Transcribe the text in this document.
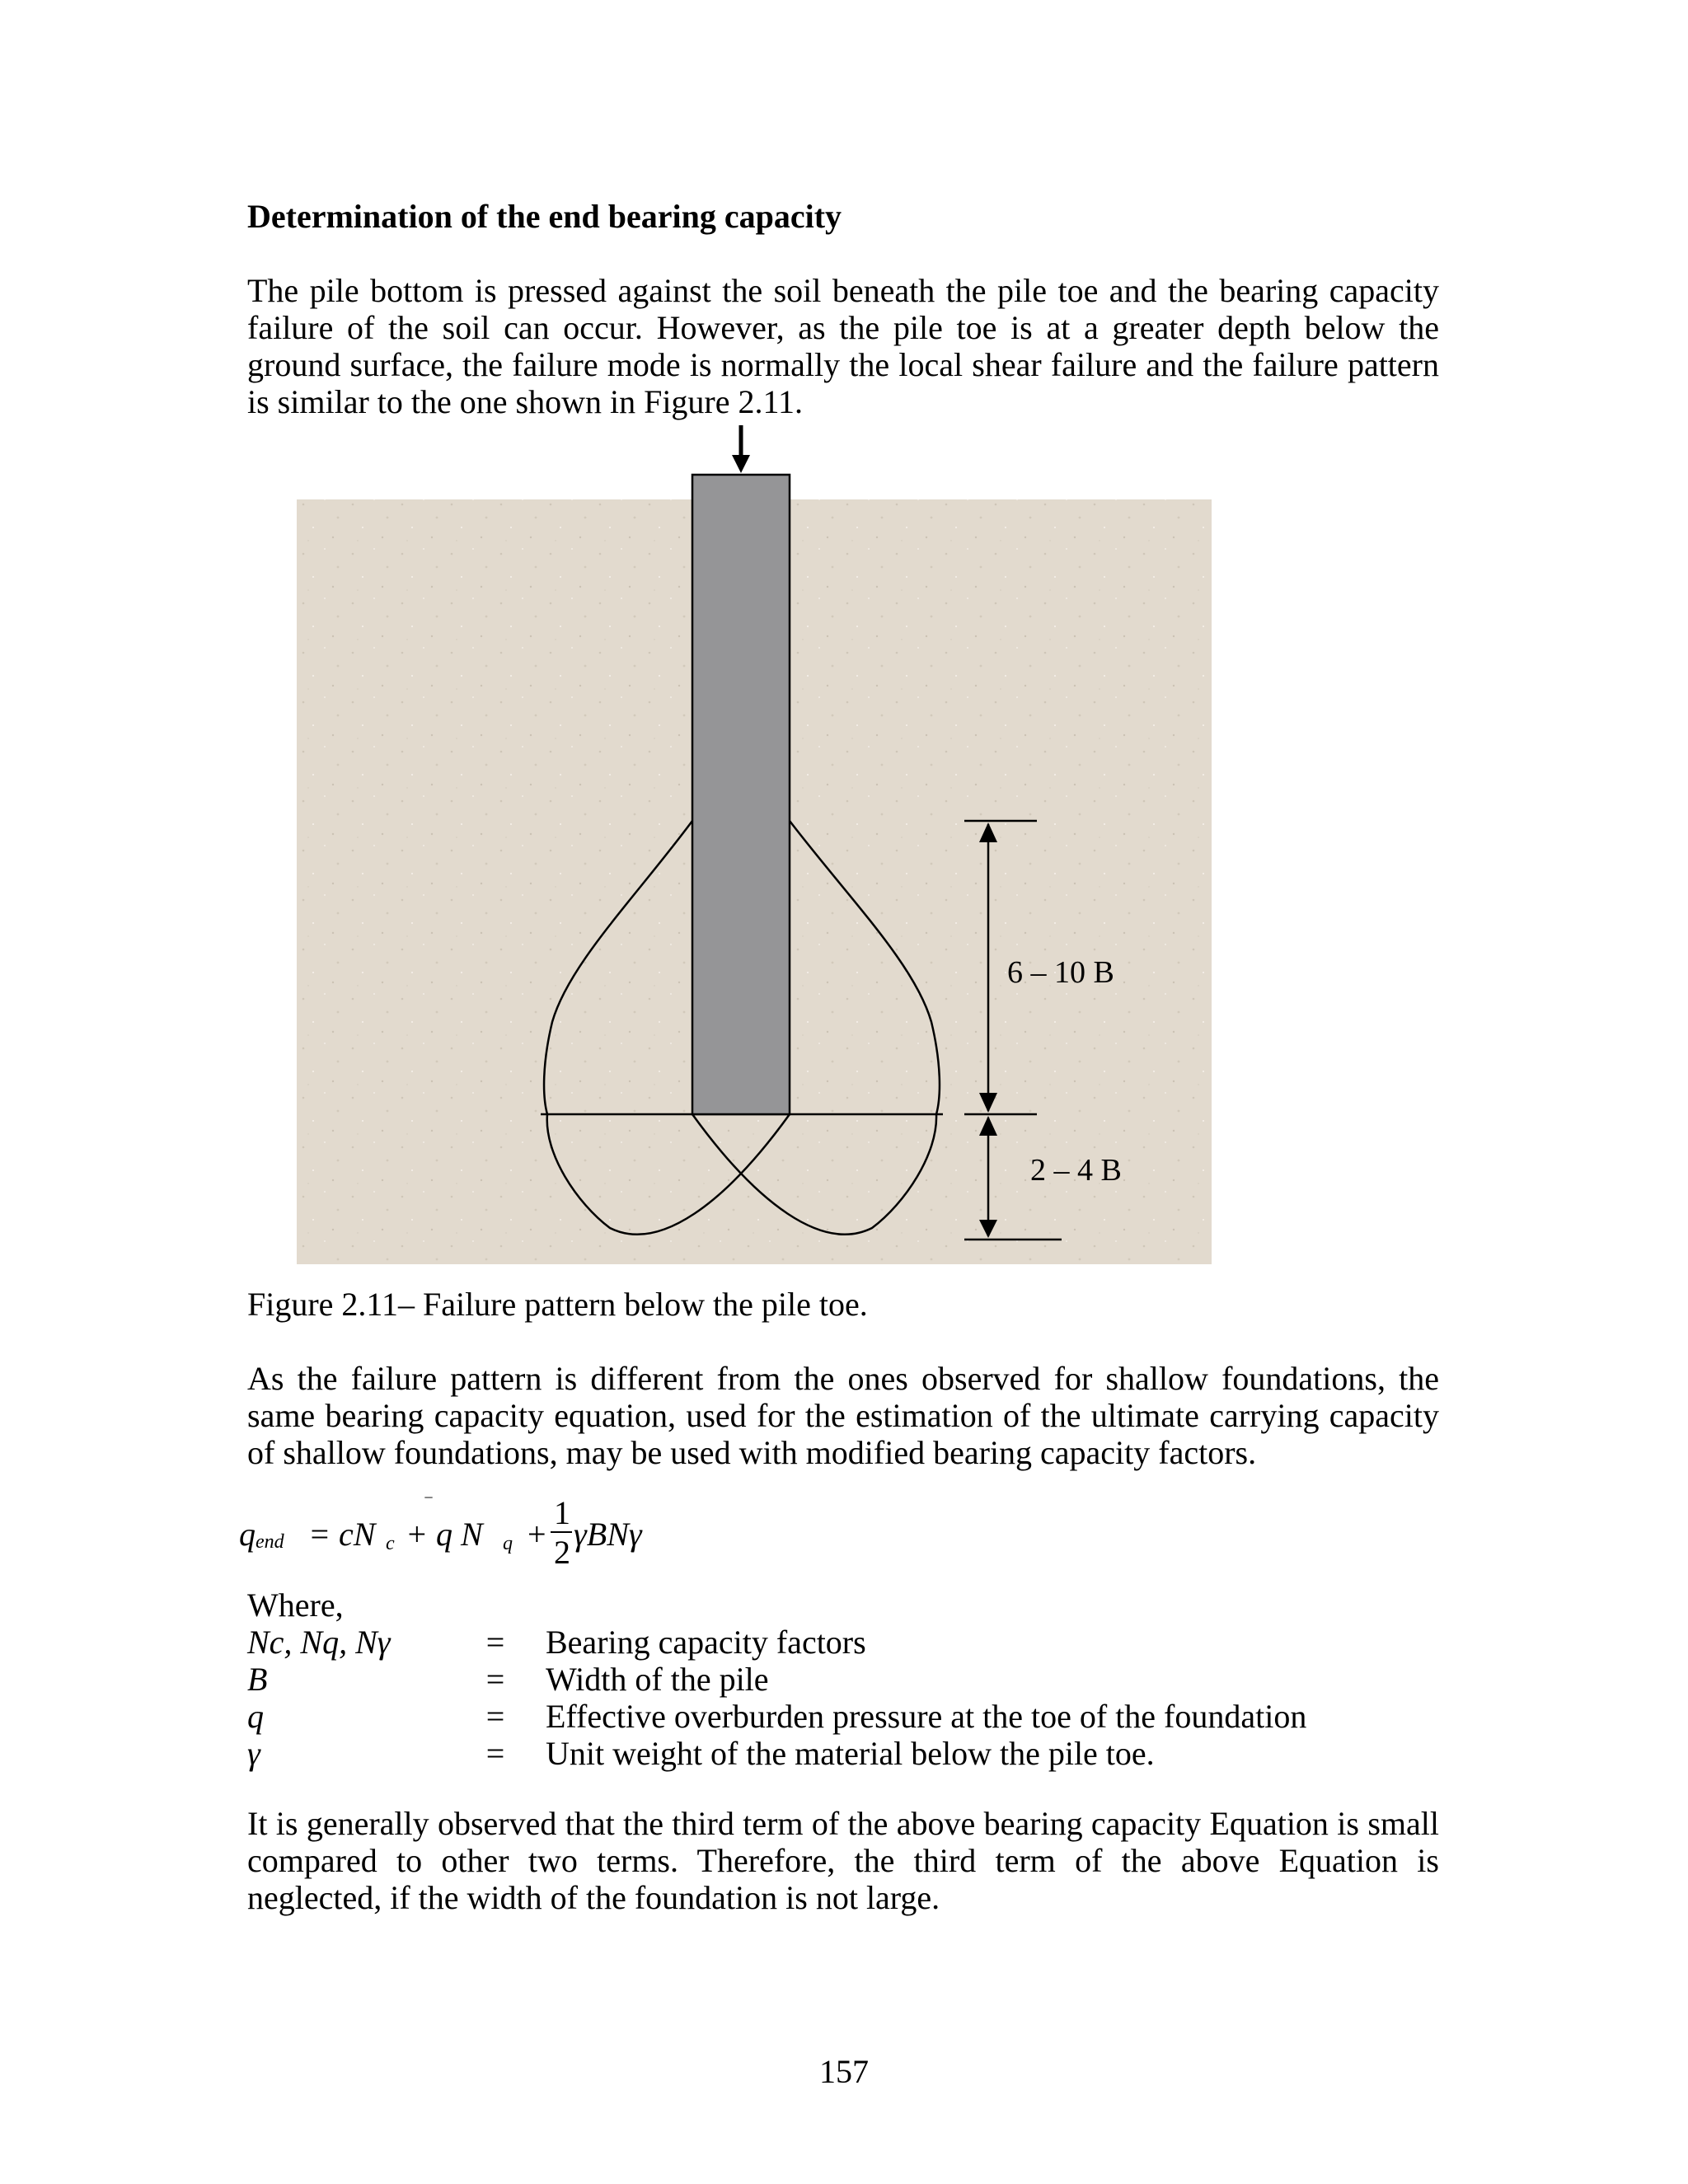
Determination of the end bearing capacity
The pile bottom is pressed against the soil beneath the pile toe and the bearing capacity failure of the soil can occur. However, as the pile toe is at a greater depth below the ground surface, the failure mode is normally the local shear failure and the failure pattern is similar to the one shown in Figure 2.11.
6 – 10 B
2 – 4 B
Figure 2.11– Failure pattern below the pile toe.
As the failure pattern is different from the ones observed for shallow foundations, the same bearing capacity equation, used for the estimation of the ultimate carrying capacity of shallow foundations, may be used with modified bearing capacity factors.
q end = cN c + q N
‾
q +
1
2 γBNγ
Where,
Nc, Nq, Nγ	=	Bearing capacity factors
B	=	Width of the pile
q	=	Effective overburden pressure at the toe of the foundation
γ	=	Unit weight of the material below the pile toe.
It is generally observed that the third term of the above bearing capacity Equation is small compared to other two terms. Therefore, the third term of the above Equation is neglected, if the width of the foundation is not large.
157
